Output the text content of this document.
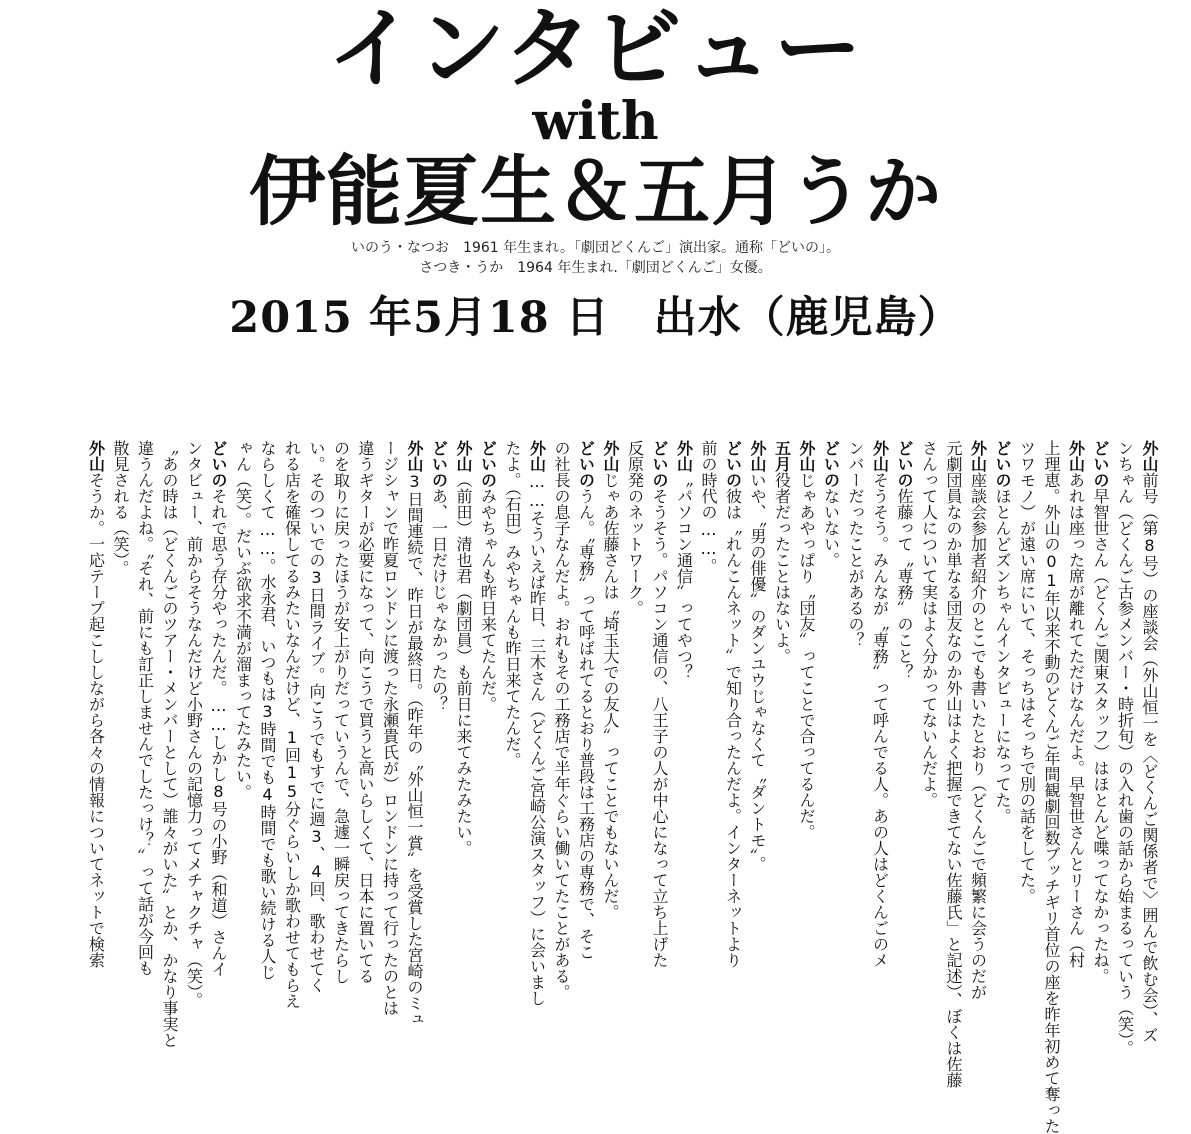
インタビュー
with
伊能夏生＆五月うか
いのう・なつお　1961 年生まれ。「劇団どくんご」演出家。通称「どいの」。
さつき・うか　1964 年生まれ.「劇団どくんご」女優。
2015 年5月18 日　出水（鹿児島）
外山前号（第8号）の座談会（外山恒一を〈どくんご関係者で〉囲んで飲む会）、ズ
ンちゃん（どくんご古参メンバー・時折旬）の入れ歯の話から始まるっていう（笑）。
どいの早智世さん（どくんご関東スタッフ）はほとんど喋ってなかったね。
外山あれは座った席が離れてただけなんだよ。早智世さんとリーさん（村
上理恵。外山の01年以来不動のどくんご年間観劇回数ブッチギリ首位の座を昨年初めて奪った
ツワモノ）が遠い席にいて、そっちはそっちで別の話をしてた。
どいのほとんどズンちゃんインタビューになってた。
外山座談会参加者紹介のとこでも書いたとおり（どくんごで頻繁に会うのだが
元劇団員なのか単なる団友なのか外山はよく把握できてない佐藤氏」と記述）、ぼくは佐藤
さんって人について実はよく分かってないんだよ。
どいの佐藤って〝専務〟のこと？
外山そうそう。みんなが〝専務〟って呼んでる人。あの人はどくんごのメ
ンバーだったことがあるの？
どいのないない。
外山じゃあやっぱり〝団友〟ってことで合ってるんだ。
五月役者だったことはないよ。
外山いや、〝男の俳優〟のダンユウじゃなくて〝ダントモ〟。
どいの彼は〝れんこんネット〟で知り合ったんだよ。インターネットより
前の時代の……。
外山〝パソコン通信〟ってやつ？
どいのそうそう。パソコン通信の、八王子の人が中心になって立ち上げた
反原発のネットワーク。
外山じゃあ佐藤さんは〝埼玉大での友人〟ってことでもないんだ。
どいのうん。〝専務〟って呼ばれてるとおり普段は工務店の専務で、そこ
の社長の息子なんだよ。おれもその工務店で半年ぐらい働いてたことがある。
外山……そういえば昨日、三木さん（どくんご宮崎公演スタッフ）に会いまし
たよ。（石田）みやちゃんも昨日来てたんだ。
どいのみやちゃんも昨日来てたんだ。
外山（前田）清也君（劇団員）も前日に来てみたみたい。
どいのあ、一日だけじゃなかったの？
外山3日間連続で、昨日が最終日。（昨年の〝外山恒一賞〟を受賞した宮崎のミュ
ージシャンで昨夏ロンドンに渡った永瀬貴氏が）ロンドンに持って行ったのとは
違うギターが必要になって、向こうで買うと高いらしくて、日本に置いてる
のを取りに戻ったほうが安上がりだっていうんで、急遽一瞬戻ってきたらし
い。そのついでの3日間ライブ。向こうでもすでに週3、4回、歌わせてく
れる店を確保してるみたいなんだけど、1回15分ぐらいしか歌わせてもらえ
ならしくて……。水永君、いつもは3時間でも4時間でも歌い続ける人じ
ゃん（笑）。だいぶ欲求不満が溜まってたみたい。
どいのそれで思う存分やったんだ。……しかし8号の小野（和道）さんイ
ンタビュー、前からそうなんだけど小野さんの記憶力ってメチャクチャ（笑）。
〝あの時は（どくんごのツアー・メンバーとして）誰々がいた〟とか、かなり事実と
違うんだよね。〝それ、前にも訂正しませんでしたっけ？〟って話が今回も
散見される（笑）。
外山そうか。一応テープ起こししながら各々の情報についてネットで検索
